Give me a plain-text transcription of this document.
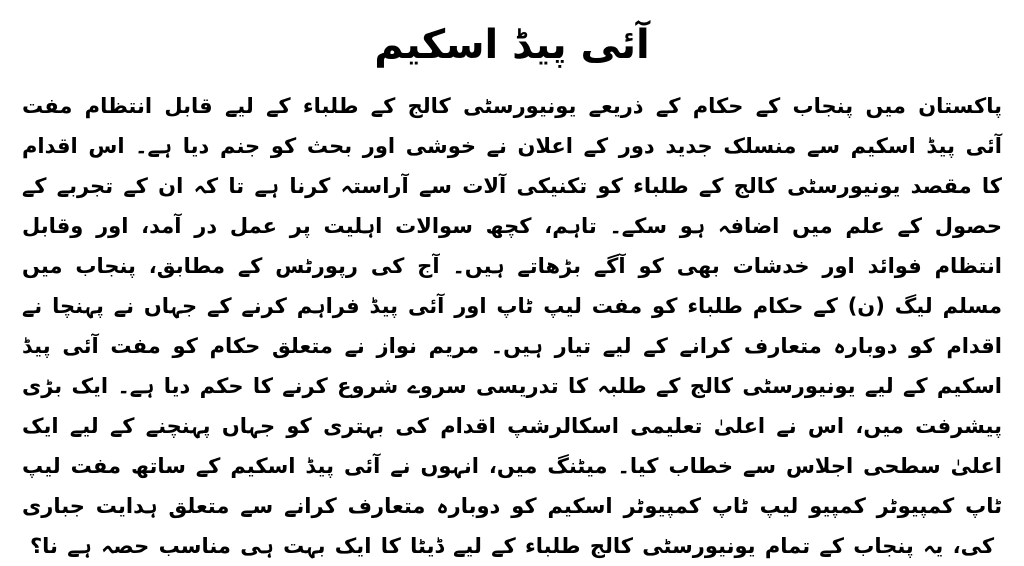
آئی پیڈ اسکیم

پاکستان میں پنجاب کے حکام کے ذریعے یونیورسٹی کالج کے طلباء کے لیے قابل انتظام مفت آئی پیڈ اسکیم سے منسلک جدید دور کے اعلان نے خوشی اور بحث کو جنم دیا ہے۔ اس اقدام کا مقصد یونیورسٹی کالج کے طلباء کو تکنیکی آلات سے آراستہ کرنا ہے تا کہ ان کے تجربے کے حصول کے علم میں اضافہ ہو سکے۔ تاہم، کچھ سوالات اہلیت پر عمل در آمد، اور وقابل انتظام فوائد اور خدشات بھی کو آگے بڑھاتے ہیں۔ آج کی رپورٹس کے مطابق، پنجاب میں مسلم لیگ (ن) کے حکام طلباء کو مفت لیپ ٹاپ اور آئی پیڈ فراہم کرنے کے جہاں نے پہنچا نے اقدام کو دوبارہ متعارف کرانے کے لیے تیار ہیں۔ مریم نواز نے متعلق حکام کو مفت آئی پیڈ اسکیم کے لیے یونیورسٹی کالج کے طلبہ کا تدریسی سروے شروع کرنے کا حکم دیا ہے۔ ایک بڑی پیشرفت میں، اس نے اعلیٰ تعلیمی اسکالرشپ اقدام کی بہتری کو جہاں پہنچنے کے لیے ایک اعلیٰ سطحی اجلاس سے خطاب کیا۔ میٹنگ میں، انہوں نے آئی پیڈ اسکیم کے ساتھ مفت لیپ ٹاپ کمپیوٹر کمپیو لیپ ٹاپ کمپیوٹر اسکیم کو دوبارہ متعارف کرانے سے متعلق ہدایت جباری کی، یہ پنجاب کے تمام یونیورسٹی کالج طلباء کے لیے ڈیٹا کا ایک بہت ہی مناسب حصہ ہے نا؟
